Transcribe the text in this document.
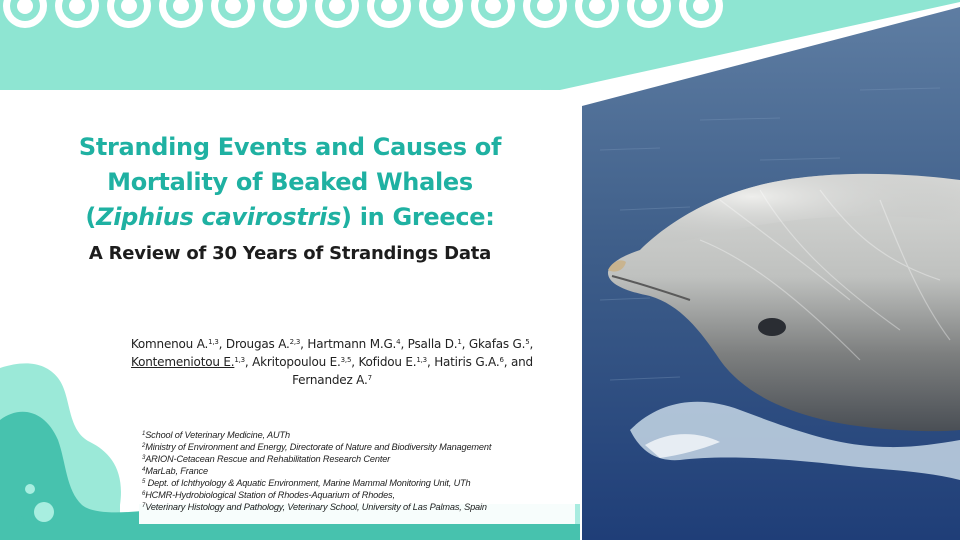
Stranding Events and Causes of
Mortality of Beaked Whales
(Ziphius cavirostris) in Greece:

A Review of 30 Years of Strandings Data

Komnenou A.$^{1,3}$, Drougas A.$^{2,3}$, Hartmann M.G.$^4$, Psalla D.$^1$, Gkafas G.$^5$,
Kontemeniotou E.$^{1,3}$, Akritopoulou E.$^{3,5}$, Kofidou E.$^{1,3}$, Hatiris G.A.$^6$, and
Fernandez A.$^7$
$^1$School of Veterinary Medicine, AUTh
$^2$Ministry of Environment and Energy, Directorate of Nature and Biodiversity Management
$^3$ARION-Cetacean Rescue and Rehabilitation Research Center
$^4$MarLab, France
$^5$ Dept. of Ichthyology & Aquatic Environment, Marine Mammal Monitoring Unit, UTh
$^6$HCMR-Hydrobiological Station of Rhodes-Aquarium of Rhodes,
$^7$Veterinary Histology and Pathology, Veterinary School, University of Las Palmas, Spain
